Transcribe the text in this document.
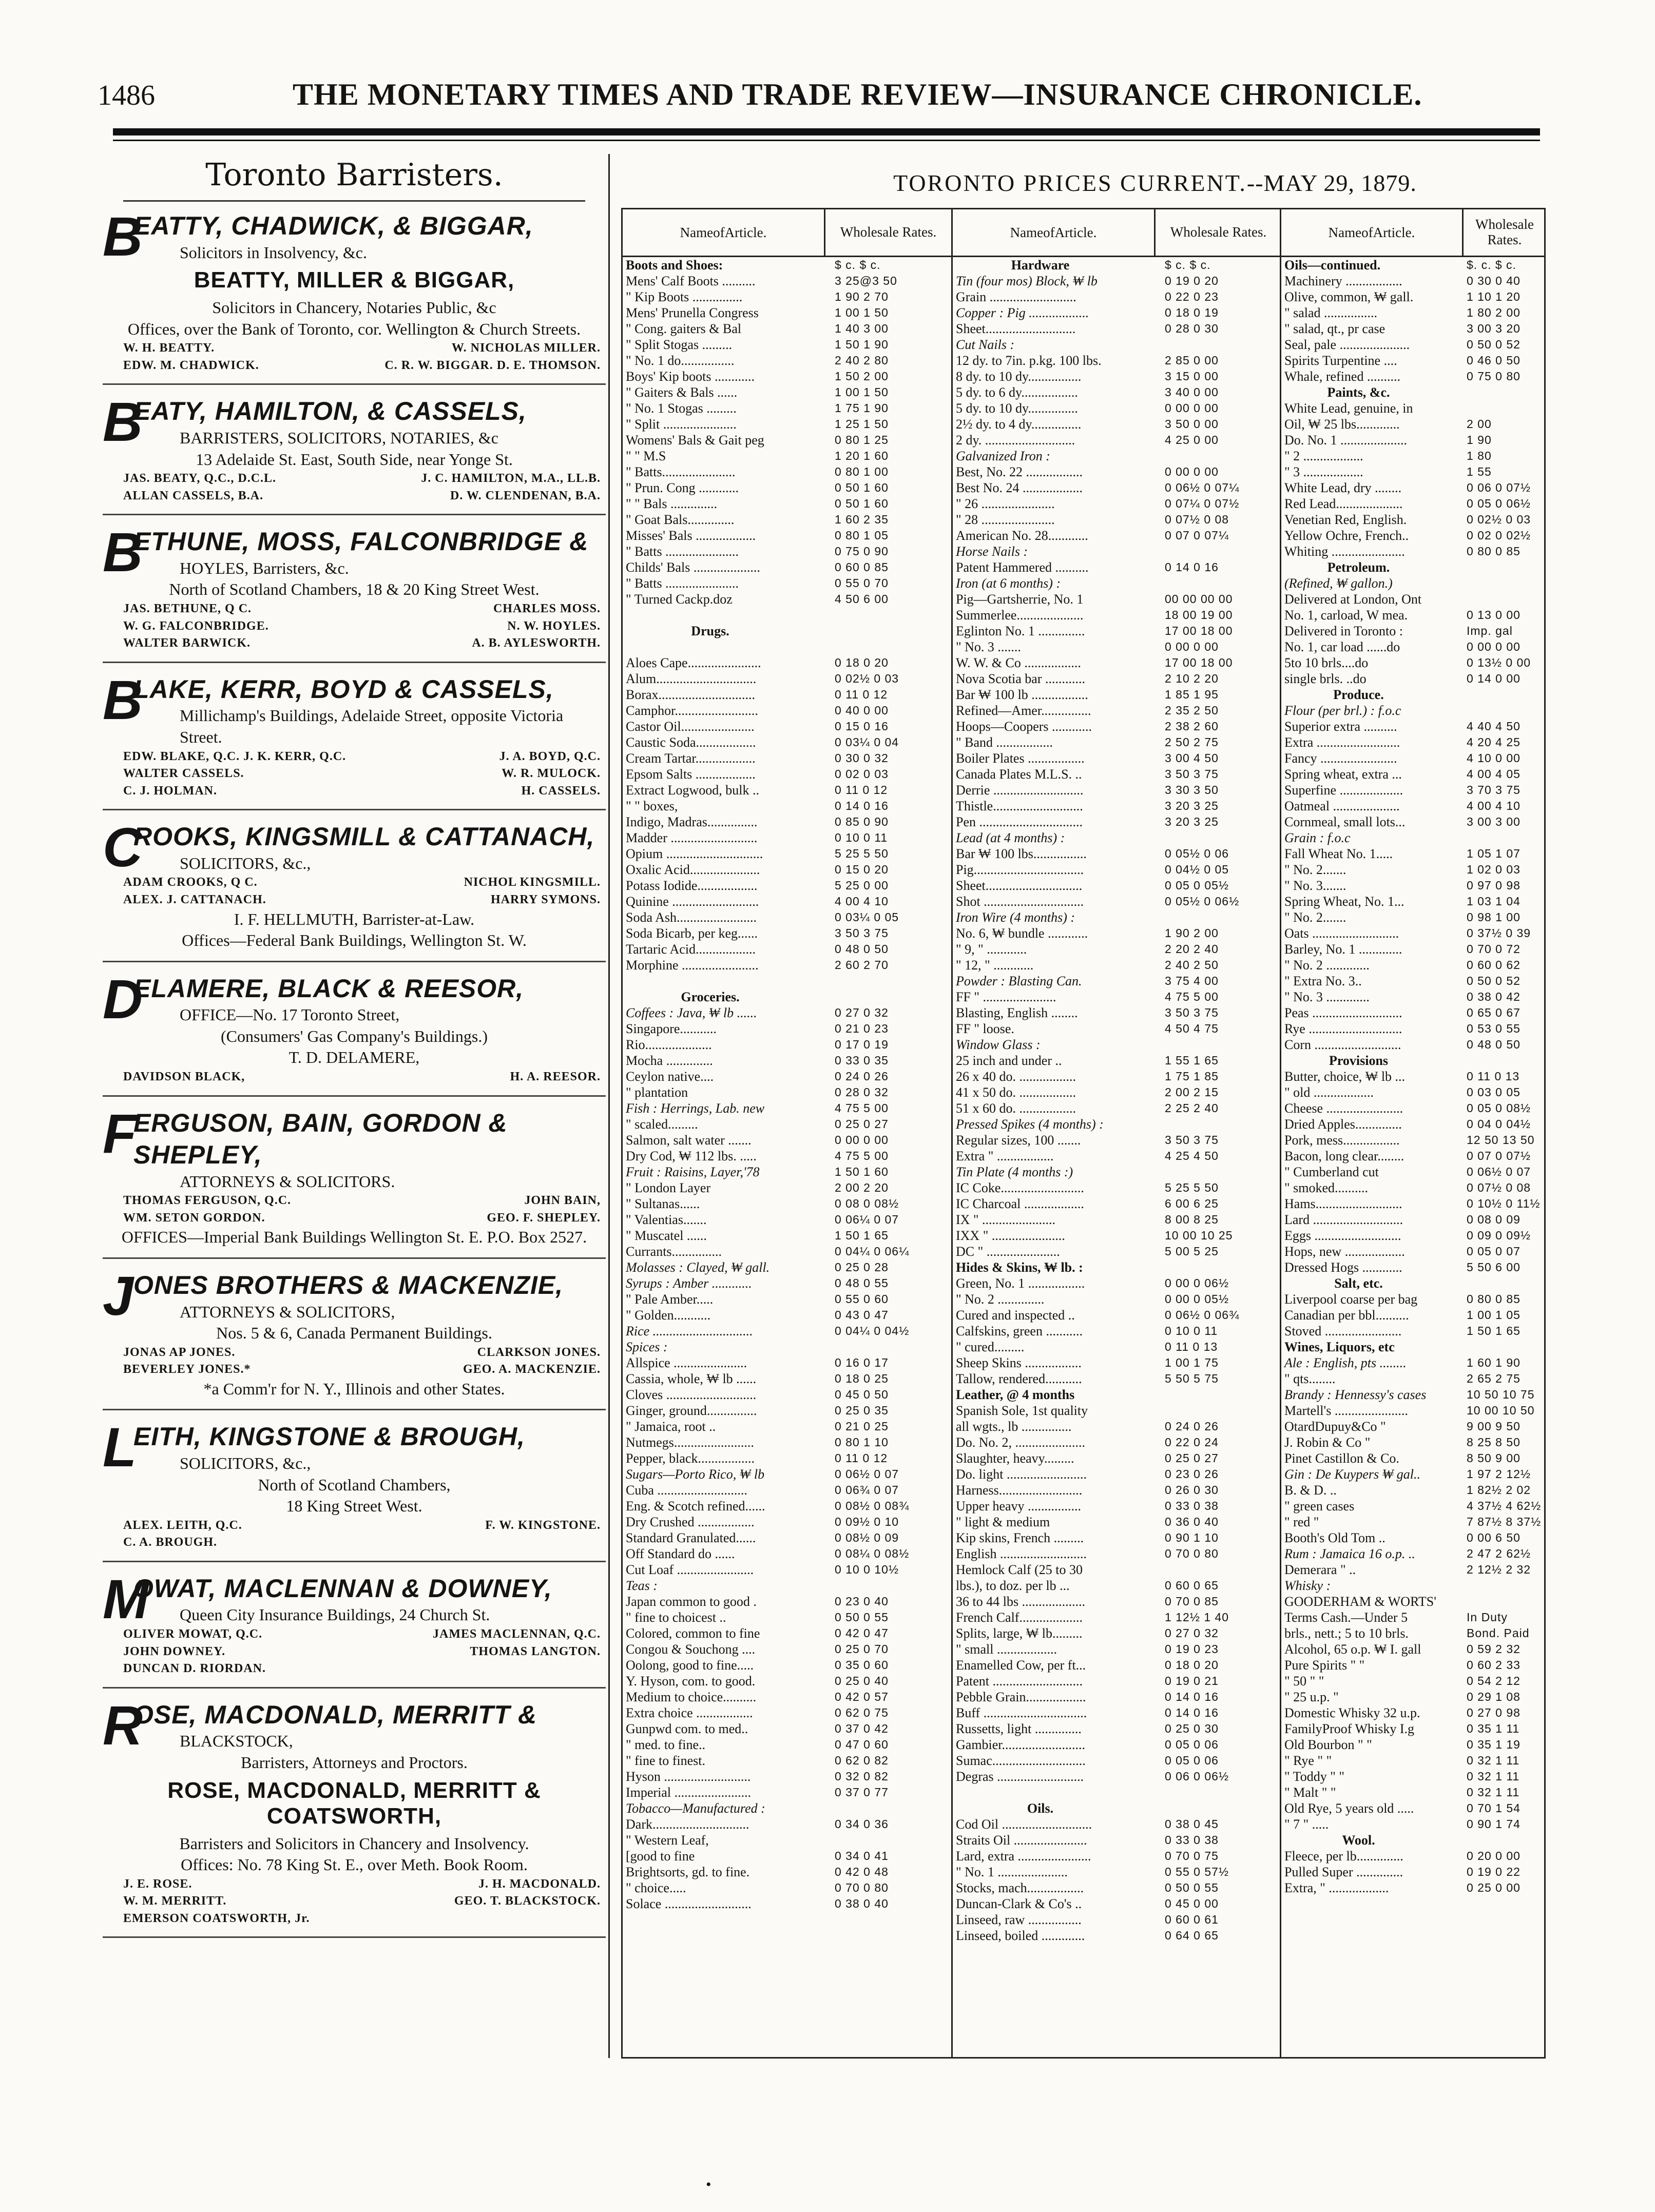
1486	THE MONETARY TIMES AND TRADE REVIEW—INSURANCE CHRONICLE.
Toronto Barristers.
B
EATTY, CHADWICK, & BIGGAR,
Solicitors in Insolvency, &c.
BEATTY, MILLER & BIGGAR,
Solicitors in Chancery, Notaries Public, &c
Offices, over the Bank of Toronto, cor. Wellington & Church Streets.
W. H. BEATTY.	W. NICHOLAS MILLER.
EDW. M. CHADWICK.	C. R. W. BIGGAR. D. E. THOMSON.
B
EATY, HAMILTON, & CASSELS,
BARRISTERS, SOLICITORS, NOTARIES, &c
13 Adelaide St. East, South Side, near Yonge St.
JAS. BEATY, Q.C., D.C.L.	J. C. HAMILTON, M.A., LL.B.
ALLAN CASSELS, B.A.	D. W. CLENDENAN, B.A.
B
ETHUNE, MOSS, FALCONBRIDGE &
HOYLES, Barristers, &c.
North of Scotland Chambers, 18 & 20 King Street West.
JAS. BETHUNE, Q C.	CHARLES MOSS.
W. G. FALCONBRIDGE.	N. W. HOYLES.
WALTER BARWICK.	A. B. AYLESWORTH.
B
LAKE, KERR, BOYD & CASSELS,
Millichamp's Buildings, Adelaide Street, opposite Victoria Street.
EDW. BLAKE, Q.C. J. K. KERR, Q.C.	J. A. BOYD, Q.C.
WALTER CASSELS.	W. R. MULOCK.
C. J. HOLMAN.	H. CASSELS.
C
ROOKS, KINGSMILL & CATTANACH,
SOLICITORS, &c.,
ADAM CROOKS, Q C.	NICHOL KINGSMILL.
ALEX. J. CATTANACH.	HARRY SYMONS.
I. F. HELLMUTH, Barrister-at-Law.
Offices—Federal Bank Buildings, Wellington St. W.
D
ELAMERE, BLACK & REESOR,
OFFICE—No. 17 Toronto Street,
(Consumers' Gas Company's Buildings.)
T. D. DELAMERE,
DAVIDSON BLACK,	H. A. REESOR.
F
ERGUSON, BAIN, GORDON & SHEPLEY,
ATTORNEYS & SOLICITORS.
THOMAS FERGUSON, Q.C.	JOHN BAIN,
WM. SETON GORDON.	GEO. F. SHEPLEY.
OFFICES—Imperial Bank Buildings Wellington St. E. P.O. Box 2527.
J ONES BROTHERS & MACKENZIE,
ATTORNEYS & SOLICITORS,
Nos. 5 & 6, Canada Permanent Buildings.
JONAS AP JONES.	CLARKSON JONES.
BEVERLEY JONES.*	GEO. A. MACKENZIE.
*a Comm'r for N. Y., Illinois and other States.
L
EITH, KINGSTONE & BROUGH,
SOLICITORS, &c.,
North of Scotland Chambers,
18 King Street West.
ALEX. LEITH, Q.C.	F. W. KINGSTONE.
C. A. BROUGH.
M
OWAT, MACLENNAN & DOWNEY,
Queen City Insurance Buildings, 24 Church St.
OLIVER MOWAT, Q.C.	JAMES MACLENNAN, Q.C.
JOHN DOWNEY.	THOMAS LANGTON.
DUNCAN D. RIORDAN.
R
OSE, MACDONALD, MERRITT &
BLACKSTOCK,
Barristers, Attorneys and Proctors.
ROSE, MACDONALD, MERRITT & COATSWORTH,
Barristers and Solicitors in Chancery and Insolvency.
Offices: No. 78 King St. E., over Meth. Book Room.
J. E. ROSE.	J. H. MACDONALD.
W. M. MERRITT.	GEO. T. BLACKSTOCK.
EMERSON COATSWORTH, Jr.
TORONTO PRICES CURRENT.--MAY 29, 1879.
NameofArticle.	Wholesale Rates.
Boots and Shoes:	$ c. $ c.
Mens' Calf Boots ..........	3 25@3 50
" Kip Boots ...............	1 90 2 70
Mens' Prunella Congress	1 00 1 50
" Cong. gaiters & Bal	1 40 3 00
" Split Stogas .........	1 50 1 90
" No. 1 do................	2 40 2 80
Boys' Kip boots ............	1 50 2 00
" Gaiters & Bals ......	1 00 1 50
" No. 1 Stogas .........	1 75 1 90
" Split ......................	1 25 1 50
Womens' Bals & Gait peg	0 80 1 25
" " M.S	1 20 1 60
" Batts......................	0 80 1 00
" Prun. Cong ............	0 50 1 60
" " Bals ..............	0 50 1 60
" Goat Bals..............	1 60 2 35
Misses' Bals ..................	0 80 1 05
" Batts ......................	0 75 0 90
Childs' Bals ....................	0 60 0 85
" Batts ......................	0 55 0 70
" Turned Cackp.doz	4 50 6 00
Drugs.
Aloes Cape......................	0 18 0 20
Alum..............................	0 02½ 0 03
Borax.............................	0 11 0 12
Camphor.........................	0 40 0 00
Castor Oil......................	0 15 0 16
Caustic Soda..................	0 03¼ 0 04
Cream Tartar..................	0 30 0 32
Epsom Salts ..................	0 02 0 03
Extract Logwood, bulk ..	0 11 0 12
" " boxes,	0 14 0 16
Indigo, Madras...............	0 85 0 90
Madder ..........................	0 10 0 11
Opium .............................	5 25 5 50
Oxalic Acid.....................	0 15 0 20
Potass Iodide..................	5 25 0 00
Quinine ..........................	4 00 4 10
Soda Ash........................	0 03¼ 0 05
Soda Bicarb, per keg......	3 50 3 75
Tartaric Acid..................	0 48 0 50
Morphine .......................	2 60 2 70
Groceries.
Coffees : Java, ₩ lb ......	0 27 0 32
Singapore...........	0 21 0 23
Rio....................	0 17 0 19
Mocha ..............	0 33 0 35
Ceylon native....	0 24 0 26
" plantation	0 28 0 32
Fish : Herrings, Lab. new	4 75 5 00
" scaled.........	0 25 0 27
Salmon, salt water .......	0 00 0 00
Dry Cod, ₩ 112 lbs. .....	4 75 5 00
Fruit : Raisins, Layer,'78	1 50 1 60
" London Layer	2 00 2 20
" Sultanas......	0 08 0 08½
" Valentias.......	0 06¼ 0 07
" Muscatel ......	1 50 1 65
Currants...............	0 04¼ 0 06¼
Molasses : Clayed, ₩ gall.	0 25 0 28
Syrups : Amber ............	0 48 0 55
" Pale Amber.....	0 55 0 60
" Golden...........	0 43 0 47
Rice ..............................	0 04¼ 0 04½
Spices :
Allspice ......................	0 16 0 17
Cassia, whole, ₩ lb ......	0 18 0 25
Cloves ...........................	0 45 0 50
Ginger, ground...............	0 25 0 35
" Jamaica, root ..	0 21 0 25
Nutmegs........................	0 80 1 10
Pepper, black.................	0 11 0 12
Sugars—Porto Rico, ₩ lb	0 06½ 0 07
Cuba ...........................	0 06¾ 0 07
Eng. & Scotch refined......	0 08½ 0 08¾
Dry Crushed .................	0 09½ 0 10
Standard Granulated......	0 08½ 0 09
Off Standard do ......	0 08¼ 0 08½
Cut Loaf .......................	0 10 0 10½
Teas :
Japan common to good .	0 23 0 40
" fine to choicest ..	0 50 0 55
Colored, common to fine	0 42 0 47
Congou & Souchong ....	0 25 0 70
Oolong, good to fine.....	0 35 0 60
Y. Hyson, com. to good.	0 25 0 40
Medium to choice..........	0 42 0 57
Extra choice .................	0 62 0 75
Gunpwd com. to med..	0 37 0 42
" med. to fine..	0 47 0 60
" fine to finest.	0 62 0 82
Hyson ..........................	0 32 0 82
Imperial .......................	0 37 0 77
Tobacco—Manufactured :
Dark.............................	0 34 0 36
" Western Leaf,
[good to fine	0 34 0 41
Brightsorts, gd. to fine.	0 42 0 48
" choice.....	0 70 0 80
Solace ..........................	0 38 0 40
NameofArticle.	Wholesale Rates.
Hardware	$ c. $ c.
Tin (four mos) Block, ₩ lb	0 19 0 20
Grain ..........................	0 22 0 23
Copper : Pig ..................	0 18 0 19
Sheet...........................	0 28 0 30
Cut Nails :
12 dy. to 7in. p.kg. 100 lbs.	2 85 0 00
8 dy. to 10 dy................	3 15 0 00
5 dy. to 6 dy.................	3 40 0 00
5 dy. to 10 dy...............	0 00 0 00
2½ dy. to 4 dy...............	3 50 0 00
2 dy. ...........................	4 25 0 00
Galvanized Iron :
Best, No. 22 .................	0 00 0 00
Best No. 24 ..................	0 06½ 0 07¼
" 26 ......................	0 07¼ 0 07½
" 28 ......................	0 07½ 0 08
American No. 28............	0 07 0 07¼
Horse Nails :
Patent Hammered ..........	0 14 0 16
Iron (at 6 months) :
Pig—Gartsherrie, No. 1	00 00 00 00
Summerlee....................	18 00 19 00
Eglinton No. 1 ..............	17 00 18 00
" No. 3 .......	0 00 0 00
W. W. & Co .................	17 00 18 00
Nova Scotia bar ............	2 10 2 20
Bar ₩ 100 lb .................	1 85 1 95
Refined—Amer...............	2 35 2 50
Hoops—Coopers ............	2 38 2 60
" Band .................	2 50 2 75
Boiler Plates .................	3 00 4 50
Canada Plates M.L.S. ..	3 50 3 75
Derrie ...........................	3 30 3 50
Thistle...........................	3 20 3 25
Pen ...............................	3 20 3 25
Lead (at 4 months) :
Bar ₩ 100 lbs................	0 05½ 0 06
Pig.................................	0 04½ 0 05
Sheet.............................	0 05 0 05½
Shot ..............................	0 05½ 0 06½
Iron Wire (4 months) :
No. 6, ₩ bundle ............	1 90 2 00
" 9, " ............	2 20 2 40
" 12, " ............	2 40 2 50
Powder : Blasting Can.	3 75 4 00
FF " ......................	4 75 5 00
Blasting, English ........	3 50 3 75
FF " loose.	4 50 4 75
Window Glass :
25 inch and under ..	1 55 1 65
26 x 40 do. .................	1 75 1 85
41 x 50 do. .................	2 00 2 15
51 x 60 do. .................	2 25 2 40
Pressed Spikes (4 months) :
Regular sizes, 100 .......	3 50 3 75
Extra " .................	4 25 4 50
Tin Plate (4 months :)
IC Coke.........................	5 25 5 50
IC Charcoal ..................	6 00 6 25
IX " ......................	8 00 8 25
IXX " ......................	10 00 10 25
DC " ......................	5 00 5 25
Hides & Skins, ₩ lb. :
Green, No. 1 .................	0 00 0 06½
" No. 2 ..............	0 00 0 05½
Cured and inspected ..	0 06½ 0 06¾
Calfskins, green ...........	0 10 0 11
" cured.........	0 11 0 13
Sheep Skins .................	1 00 1 75
Tallow, rendered...........	5 50 5 75
Leather, @ 4 months
Spanish Sole, 1st quality
all wgts., lb ...............	0 24 0 26
Do. No. 2, .....................	0 22 0 24
Slaughter, heavy.........	0 25 0 27
Do. light ........................	0 23 0 26
Harness.........................	0 26 0 30
Upper heavy ................	0 33 0 38
" light & medium	0 36 0 40
Kip skins, French .........	0 90 1 10
English ..........................	0 70 0 80
Hemlock Calf (25 to 30
lbs.), to doz. per lb ...	0 60 0 65
36 to 44 lbs ...................	0 70 0 85
French Calf...................	1 12½ 1 40
Splits, large, ₩ lb.........	0 27 0 32
" small ..................	0 19 0 23
Enamelled Cow, per ft...	0 18 0 20
Patent ...........................	0 19 0 21
Pebble Grain..................	0 14 0 16
Buff ...............................	0 14 0 16
Russetts, light ..............	0 25 0 30
Gambier.........................	0 05 0 06
Sumac............................	0 05 0 06
Degras ..........................	0 06 0 06½
Oils.
Cod Oil ...........................	0 38 0 45
Straits Oil ......................	0 33 0 38
Lard, extra ......................	0 70 0 75
" No. 1 .....................	0 55 0 57½
Stocks, mach.................	0 50 0 55
Duncan-Clark & Co's ..	0 45 0 00
Linseed, raw ................	0 60 0 61
Linseed, boiled .............	0 64 0 65
NameofArticle.
Wholesale Rates.
Oils—continued.	$. c. $ c.
Machinery .................	0 30 0 40
Olive, common, ₩ gall.	1 10 1 20
" salad ................	1 80 2 00
" salad, qt., pr case	3 00 3 20
Seal, pale .....................	0 50 0 52
Spirits Turpentine ....	0 46 0 50
Whale, refined ..........	0 75 0 80
Paints, &c.
White Lead, genuine, in
Oil, ₩ 25 lbs.............	2 00
Do. No. 1 ....................	1 90
" 2 ..................	1 80
" 3 ..................	1 55
White Lead, dry ........	0 06 0 07½
Red Lead....................	0 05 0 06½
Venetian Red, English.	0 02½ 0 03
Yellow Ochre, French..	0 02 0 02½
Whiting ......................	0 80 0 85
Petroleum.
(Refined, ₩ gallon.)
Delivered at London, Ont
No. 1, carload, W mea.	0 13 0 00
Delivered in Toronto :	Imp. gal
No. 1, car load ......do	0 00 0 00
5to 10 brls....do	0 13½ 0 00
single brls. ..do	0 14 0 00
Produce.
Flour (per brl.) : f.o.c
Superior extra ..........	4 40 4 50
Extra .........................	4 20 4 25
Fancy .......................	4 10 0 00
Spring wheat, extra ...	4 00 4 05
Superfine ...................	3 70 3 75
Oatmeal ....................	4 00 4 10
Cornmeal, small lots...	3 00 3 00
Grain : f.o.c
Fall Wheat No. 1.....	1 05 1 07
" No. 2.......	1 02 0 03
" No. 3.......	0 97 0 98
Spring Wheat, No. 1...	1 03 1 04
" No. 2.......	0 98 1 00
Oats ..........................	0 37½ 0 39
Barley, No. 1 .............	0 70 0 72
" No. 2 .............	0 60 0 62
" Extra No. 3..	0 50 0 52
" No. 3 .............	0 38 0 42
Peas ...........................	0 65 0 67
Rye ............................	0 53 0 55
Corn ..........................	0 48 0 50
Provisions
Butter, choice, ₩ lb ...	0 11 0 13
" old ..................	0 03 0 05
Cheese .......................	0 05 0 08½
Dried Apples..............	0 04 0 04½
Pork, mess.................	12 50 13 50
Bacon, long clear........	0 07 0 07½
" Cumberland cut	0 06½ 0 07
" smoked..........	0 07½ 0 08
Hams..........................	0 10½ 0 11½
Lard ...........................	0 08 0 09
Eggs ..........................	0 09 0 09½
Hops, new ..................	0 05 0 07
Dressed Hogs ............	5 50 6 00
Salt, etc.
Liverpool coarse per bag	0 80 0 85
Canadian per bbl..........	1 00 1 05
Stoved .......................	1 50 1 65
Wines, Liquors, etc
Ale : English, pts ........	1 60 1 90
" qts........	2 65 2 75
Brandy : Hennessy's cases	10 50 10 75
Martell's ......................	10 00 10 50
OtardDupuy&Co "	9 00 9 50
J. Robin & Co "	8 25 8 50
Pinet Castillon & Co.	8 50 9 00
Gin : De Kuypers ₩ gal..	1 97 2 12½
B. & D. ..	1 82½ 2 02
" green cases	4 37½ 4 62½
" red "	7 87½ 8 37½
Booth's Old Tom ..	0 00 6 50
Rum : Jamaica 16 o.p. ..	2 47 2 62½
Demerara " ..	2 12½ 2 32
Whisky :
GOODERHAM & WORTS'
Terms Cash.—Under 5	In Duty
brls., nett.; 5 to 10 brls.	Bond. Paid
Alcohol, 65 o.p. ₩ I. gall	0 59 2 32
Pure Spirits " "	0 60 2 33
" 50 " "	0 54 2 12
" 25 u.p. "	0 29 1 08
Domestic Whisky 32 u.p.	0 27 0 98
FamilyProof Whisky I.g	0 35 1 11
Old Bourbon " "	0 35 1 19
" Rye " "	0 32 1 11
" Toddy " "	0 32 1 11
" Malt " "	0 32 1 11
Old Rye, 5 years old .....	0 70 1 54
" 7 " .....	0 90 1 74
Wool.
Fleece, per lb..............	0 20 0 00
Pulled Super ..............	0 19 0 22
Extra, " ..................	0 25 0 00
•
